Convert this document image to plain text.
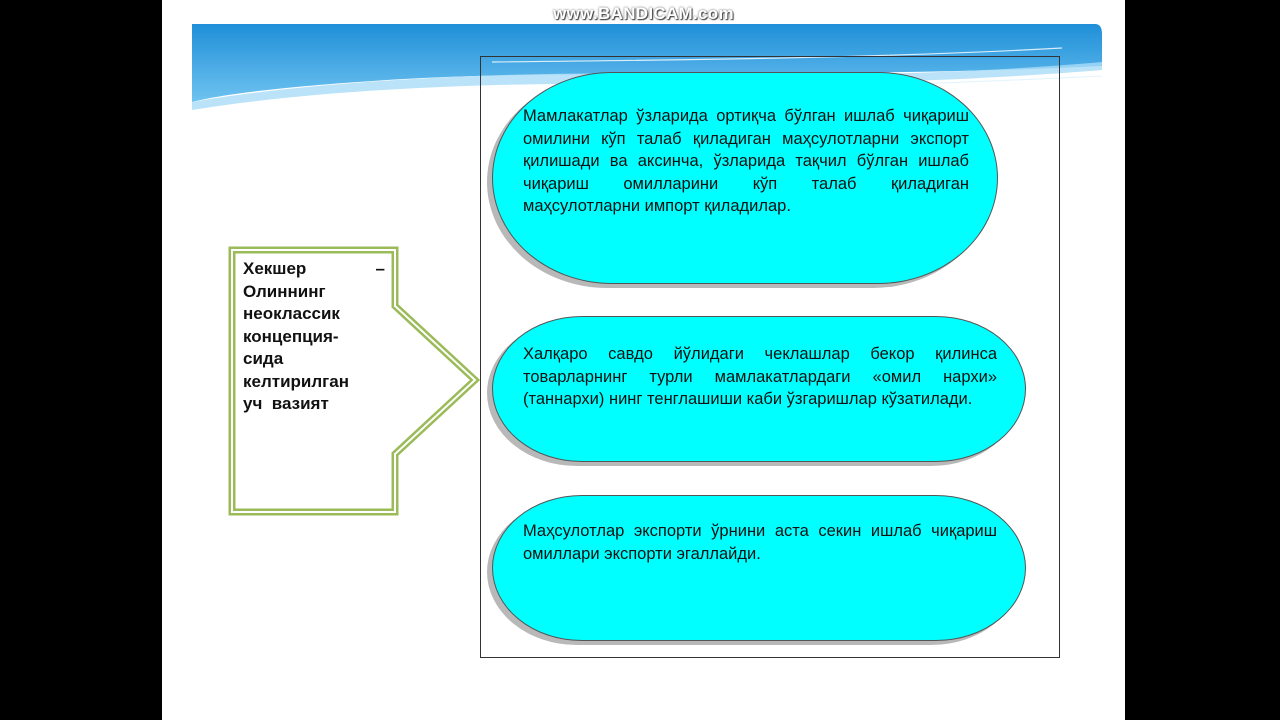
www.BANDICAM.com
Мамлакатлар ўзларида ортиқча бўлган ишлаб чиқариш омилини кўп талаб қиладиган маҳсулотларни экспорт қилишади ва аксинча, ўзларида тақчил бўлган ишлаб чиқариш омилларини кўп талаб қиладиган маҳсулотларни импорт қиладилар.
Халқаро савдо йўлидаги чеклашлар бекор қилинса товарларнинг турли мамлакатлардаги «омил нархи» (таннархи) нинг тенглашиши каби ўзгаришлар кўзатилади.
Маҳсулотлар экспорти ўрнини аста секин ишлаб чиқариш омиллари экспорти эгаллайди.
Хекшер	–
Олиннинг
неоклассик
концепция-
сида
келтирилган
уч  вазият
